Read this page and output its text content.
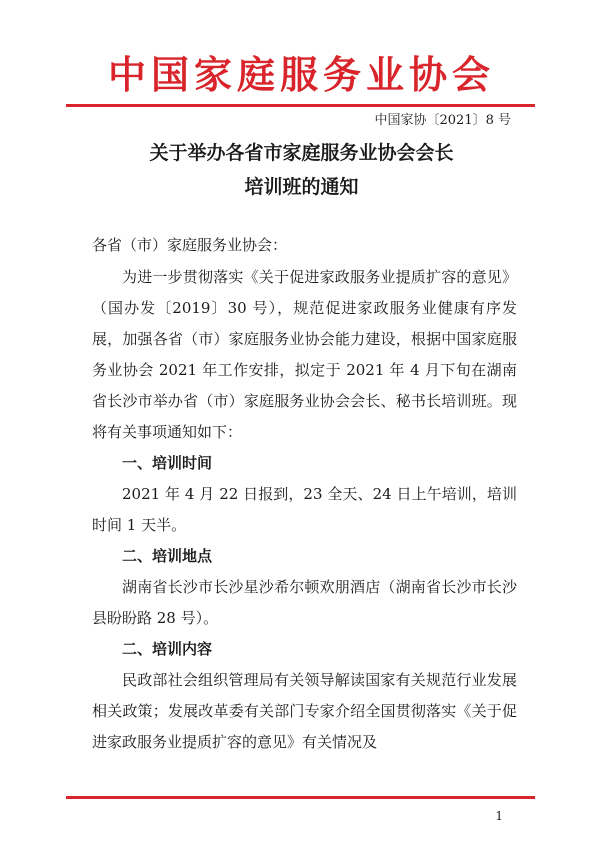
中国家庭服务业协会
中国家协〔2021〕8 号
关于举办各省市家庭服务业协会会长
培训班的通知
各省（市）家庭服务业协会：

为进一步贯彻落实《关于促进家政服务业提质扩容的意见》（国办发〔2019〕30 号），规范促进家政服务业健康有序发展，加强各省（市）家庭服务业协会能力建设，根据中国家庭服务业协会 2021 年工作安排，拟定于 2021 年 4 月下旬在湖南省长沙市举办省（市）家庭服务业协会会长、秘书长培训班。现将有关事项通知如下：

一、培训时间

2021 年 4 月 22 日报到，23 全天、24 日上午培训，培训时间 1 天半。

二、培训地点

湖南省长沙市长沙星沙希尔顿欢朋酒店（湖南省长沙市长沙县盼盼路 28 号）。

二、培训内容

民政部社会组织管理局有关领导解读国家有关规范行业发展相关政策；发展改革委有关部门专家介绍全国贯彻落实《关于促进家政服务业提质扩容的意见》有关情况及

1
